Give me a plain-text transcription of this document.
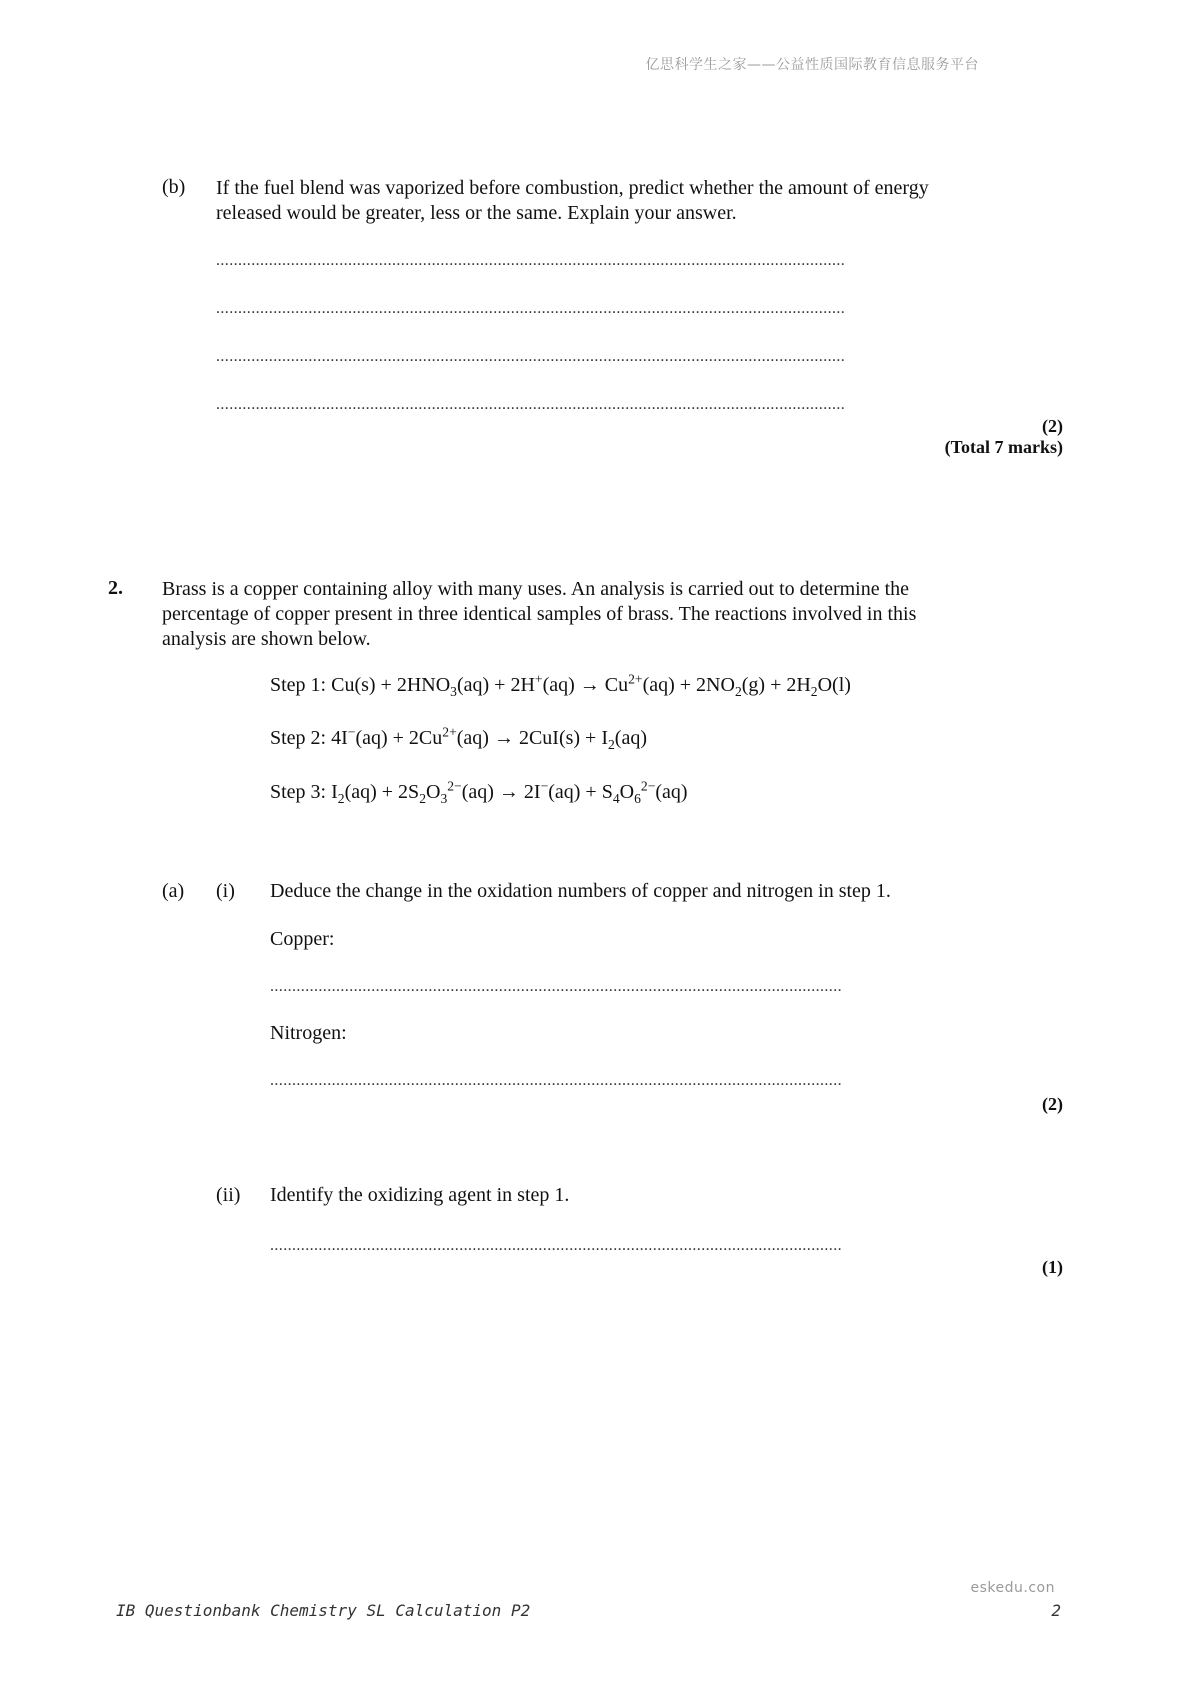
亿思科学生之家——公益性质国际教育信息服务平台
(b) If the fuel blend was vaporized before combustion, predict whether the amount of energy released would be greater, less or the same. Explain your answer.
...............................................................................................................................................
...............................................................................................................................................
...............................................................................................................................................
...............................................................................................................................................
(2)
(Total 7 marks)
2. Brass is a copper containing alloy with many uses. An analysis is carried out to determine the percentage of copper present in three identical samples of brass. The reactions involved in this analysis are shown below.
Step 1: $Cu(s) + 2HNO_3(aq) + 2H^+(aq) \to Cu^{2+}(aq) + 2NO_2(g) + 2H_2O(l)$
Step 2: $4I^-(aq) + 2Cu^{2+}(aq) \to 2CuI(s) + I_2(aq)$
Step 3: $I_2(aq) + 2S_2O_3^{2-}(aq) \to 2I^-(aq) + S_4O_6^{2-}(aq)$
(a) (i) Deduce the change in the oxidation numbers of copper and nitrogen in step 1.
Copper:
..................................................................................................................................
Nitrogen:
..................................................................................................................................
(2)
(ii) Identify the oxidizing agent in step 1.
..................................................................................................................................
(1)
eskedu.con
IB Questionbank Chemistry SL Calculation P2	2
